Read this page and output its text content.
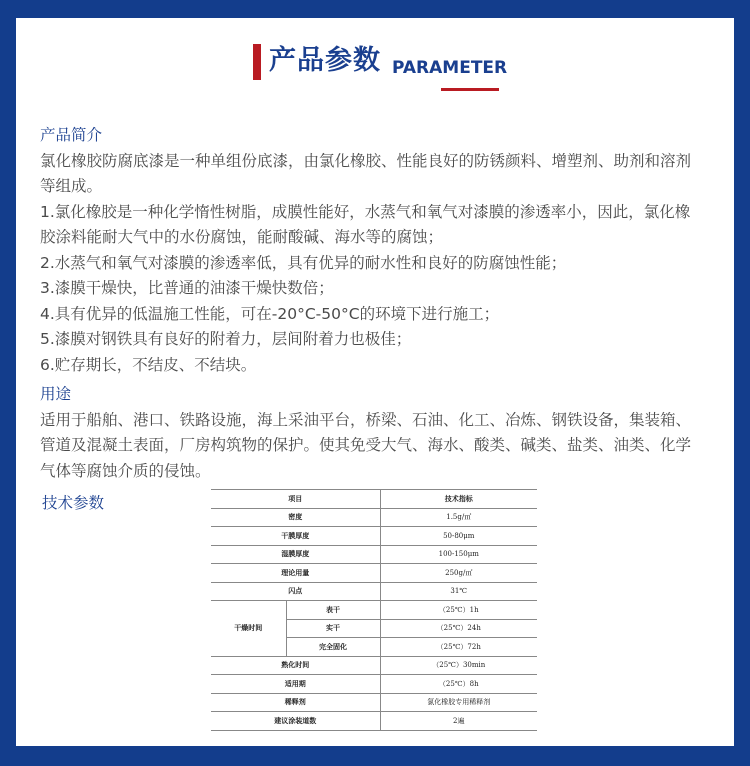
产品参数 PARAMETER
产品简介

氯化橡胶防腐底漆是一种单组份底漆，由氯化橡胶、性能良好的防锈颜料、增塑剂、助剂和溶剂等组成。

1.氯化橡胶是一种化学惰性树脂，成膜性能好，水蒸气和氧气对漆膜的渗透率小，因此，氯化橡胶涂料能耐大气中的水份腐蚀，能耐酸碱、海水等的腐蚀；

2.水蒸气和氧气对漆膜的渗透率低，具有优异的耐水性和良好的防腐蚀性能；

3.漆膜干燥快，比普通的油漆干燥快数倍；

4.具有优异的低温施工性能，可在-20°C-50°C的环境下进行施工；

5.漆膜对钢铁具有良好的附着力，层间附着力也极佳；

6.贮存期长，不结皮、不结块。

用途

适用于船舶、港口、铁路设施，海上采油平台，桥梁、石油、化工、冶炼、钢铁设备，集装箱、管道及混凝土表面，厂房构筑物的保护。使其免受大气、海水、酸类、碱类、盐类、油类、化学气体等腐蚀介质的侵蚀。

技术参数	项目		技术指标
密度		1.5g/㎡
干膜厚度		50-80μm
湿膜厚度		100-150μm
理论用量		250g/㎡
闪点		31℃
干燥时间	表干	（25℃）1h
	实干	（25℃）24h
	完全固化	（25℃）72h
熟化时间		（25℃）30min
适用期		（25℃）8h
稀释剂		氯化橡胶专用稀释剂
建议涂装道数		2遍
